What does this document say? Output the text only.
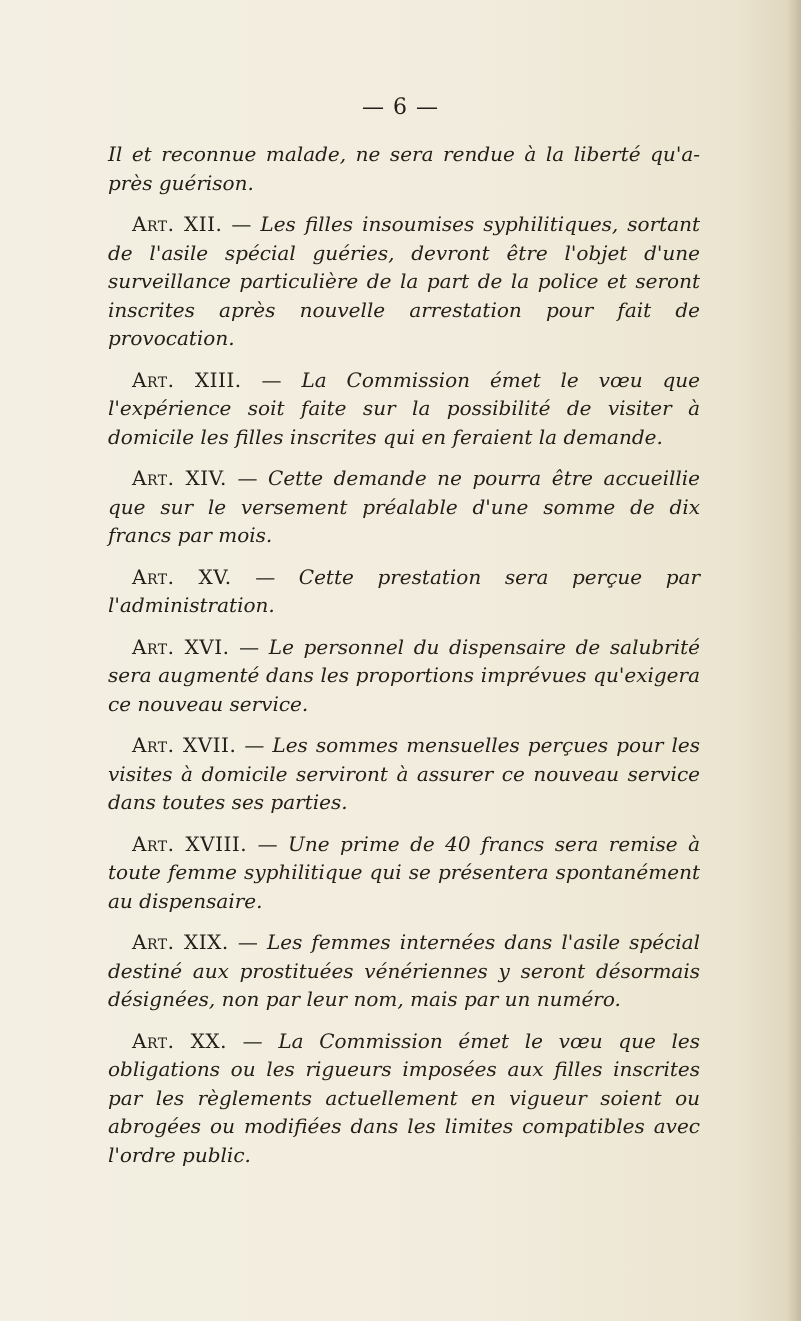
— 6 —

Il et reconnue malade, ne sera rendue à la liberté qu'a-près guérison.

Art. XII. — Les filles insoumises syphilitiques, sortant de l'asile spécial guéries, devront être l'objet d'une surveillance particulière de la part de la police et seront inscrites après nouvelle arrestation pour fait de provocation.

Art. XIII. — La Commission émet le vœu que l'expérience soit faite sur la possibilité de visiter à domicile les filles inscrites qui en feraient la demande.

Art. XIV. — Cette demande ne pourra être accueillie que sur le versement préalable d'une somme de dix francs par mois.

Art. XV. — Cette prestation sera perçue par l'administration.

Art. XVI. — Le personnel du dispensaire de salubrité sera augmenté dans les proportions imprévues qu'exigera ce nouveau service.

Art. XVII. — Les sommes mensuelles perçues pour les visites à domicile serviront à assurer ce nouveau service dans toutes ses parties.

Art. XVIII. — Une prime de 40 francs sera remise à toute femme syphilitique qui se présentera spontanément au dispensaire.

Art. XIX. — Les femmes internées dans l'asile spécial destiné aux prostituées vénériennes y seront désormais désignées, non par leur nom, mais par un numéro.

Art. XX. — La Commission émet le vœu que les obligations ou les rigueurs imposées aux filles inscrites par les règlements actuellement en vigueur soient ou abrogées ou modifiées dans les limites compatibles avec l'ordre public.
